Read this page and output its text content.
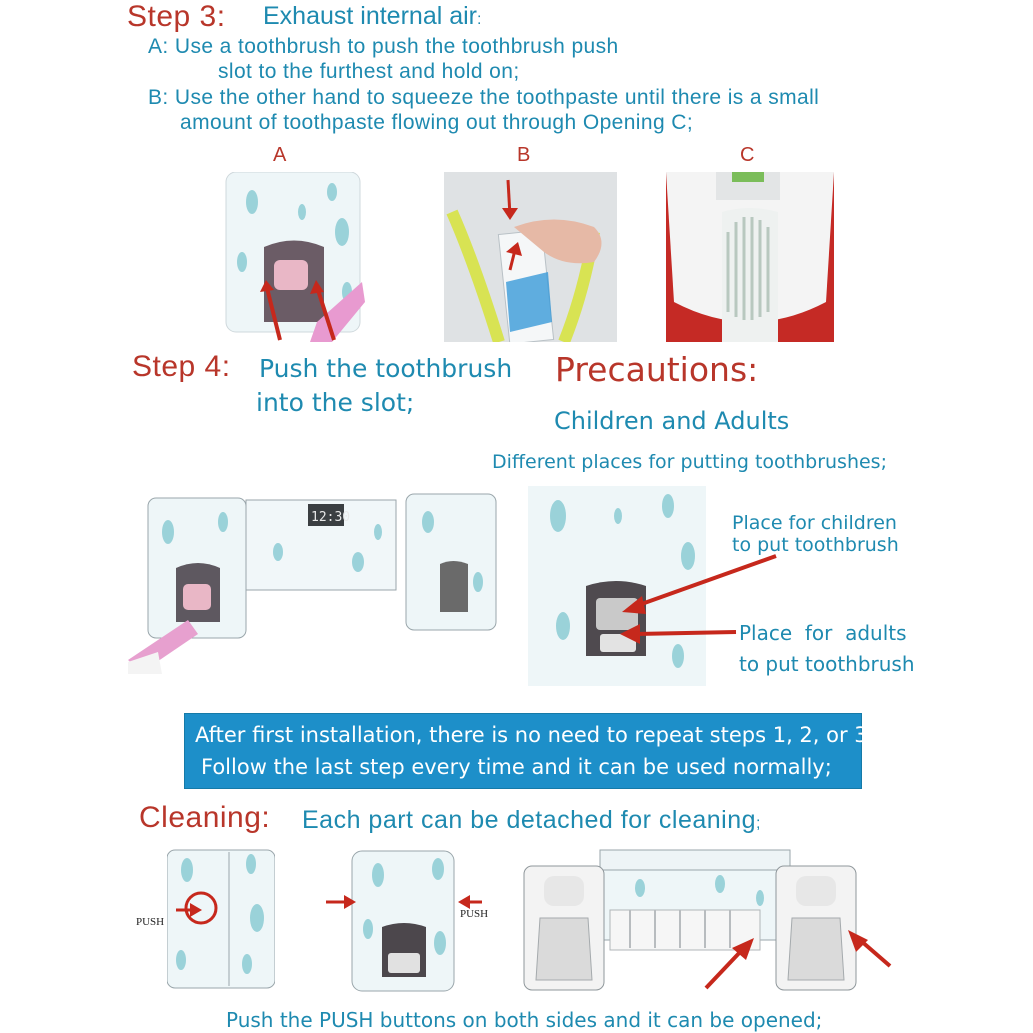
Step 3: Exhaust internal air:
A: Use a toothbrush to push the toothbrush push
slot to the furthest and hold on;
B: Use the other hand to squeeze the toothpaste until there is a small
amount of toothpaste flowing out through Opening C;
A	B	C
Step 4: Push the toothbrush
into the slot;
12:30
Precautions:
Children and Adults
Different places for putting toothbrushes;
Place for children
to put toothbrush
Place  for  adults
to put toothbrush

After first installation, there is no need to repeat steps 1, 2, or 3.

Follow the last step every time and it can be used normally;

Cleaning: Each part can be detached for cleaning;
PUSH
PUSH
Push the PUSH buttons on both sides and it can be opened;
